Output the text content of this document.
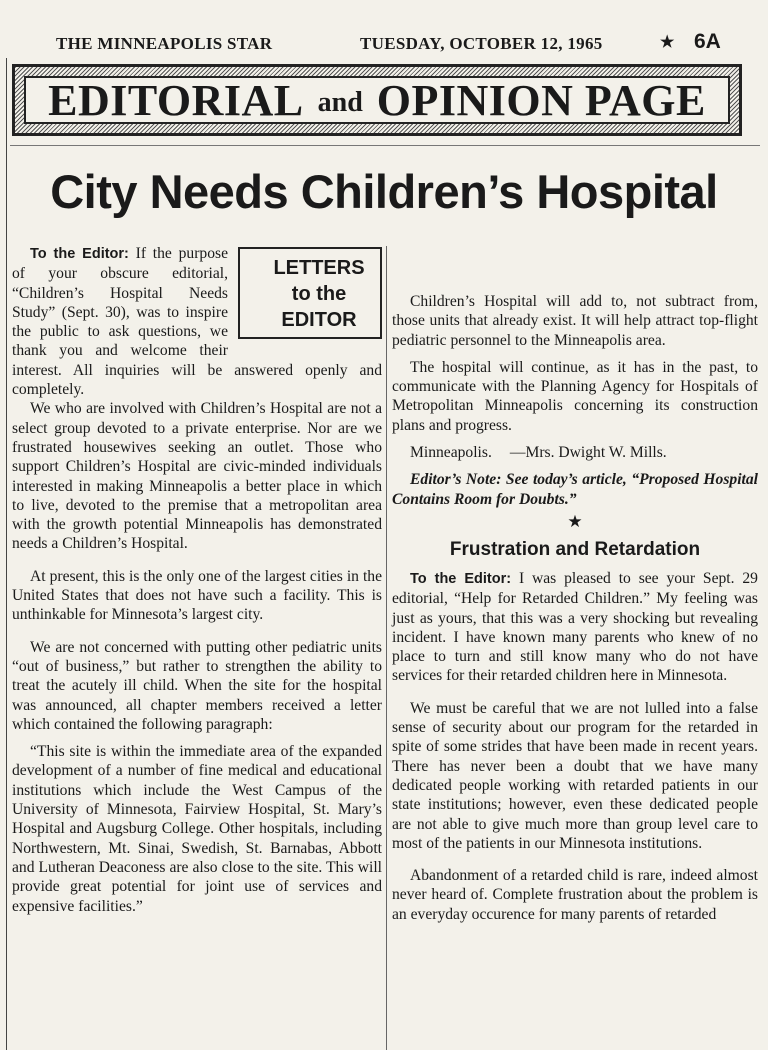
THE MINNEAPOLIS STAR	TUESDAY, OCTOBER 12, 1965	★ 6A
EDITORIAL and OPINION PAGE
City Needs Children’s Hospital

LETTERS
to the
EDITOR
To the Editor: If the purpose of your obscure editorial, “Children’s Hospital Needs Study” (Sept. 30), was to inspire the public to ask questions, we thank you and welcome their interest. All inquiries will be answered openly and completely.

We who are involved with Children’s Hospital are not a select group devoted to a private enterprise. Nor are we frustrated housewives seeking an outlet. Those who support Children’s Hospital are civic-minded individuals interested in making Minneapolis a better place in which to live, devoted to the premise that a metropolitan area with the growth potential Minneapolis has demonstrated needs a Children’s Hospital.

At present, this is the only one of the largest cities in the United States that does not have such a facility. This is unthinkable for Minnesota’s largest city.

We are not concerned with putting other pediatric units “out of business,” but rather to strengthen the ability to treat the acutely ill child. When the site for the hospital was announced, all chapter members received a letter which contained the following paragraph:

“This site is within the immediate area of the expanded development of a number of fine medical and educational institutions which include the West Campus of the University of Minnesota, Fairview Hospital, St. Mary’s Hospital and Augsburg College. Other hospitals, including Northwestern, Mt. Sinai, Swedish, St. Barnabas, Abbott and Lutheran Deaconess are also close to the site. This will provide great potential for joint use of services and expensive facilities.”

Children’s Hospital will add to, not subtract from, those units that already exist. It will help attract top-flight pediatric personnel to the Minneapolis area.

The hospital will continue, as it has in the past, to communicate with the Planning Agency for Hospitals of Metropolitan Minneapolis concerning its construction plans and progress.

Minneapolis. —Mrs. Dwight W. Mills.

Editor’s Note: See today’s article, “Proposed Hospital Contains Room for Doubts.”

★
Frustration and Retardation

To the Editor: I was pleased to see your Sept. 29 editorial, “Help for Retarded Children.” My feeling was just as yours, that this was a very shocking but revealing incident. I have known many parents who knew of no place to turn and still know many who do not have services for their retarded children here in Minnesota.

We must be careful that we are not lulled into a false sense of security about our program for the retarded in spite of some strides that have been made in recent years. There has never been a doubt that we have many dedicated people working with retarded patients in our state institutions; however, even these dedicated people are not able to give much more than group level care to most of the patients in our Minnesota institutions.

Abandonment of a retarded child is rare, indeed almost never heard of. Complete frustration about the problem is an everyday occurence for many parents of retarded
